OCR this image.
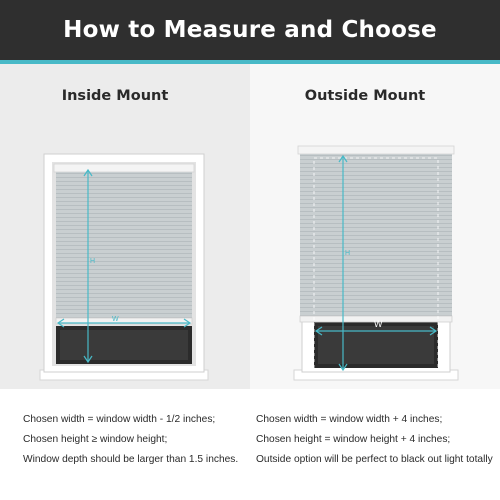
How to Measure and Choose
Inside Mount	Outside Mount
H
W
H
W
Chosen width = window width - 1/2 inches;
Chosen height ≥ window height;
Window depth should be larger than 1.5 inches.
Chosen width = window width + 4 inches;
Chosen height = window height + 4 inches;
Outside option will be perfect to black out light totally
